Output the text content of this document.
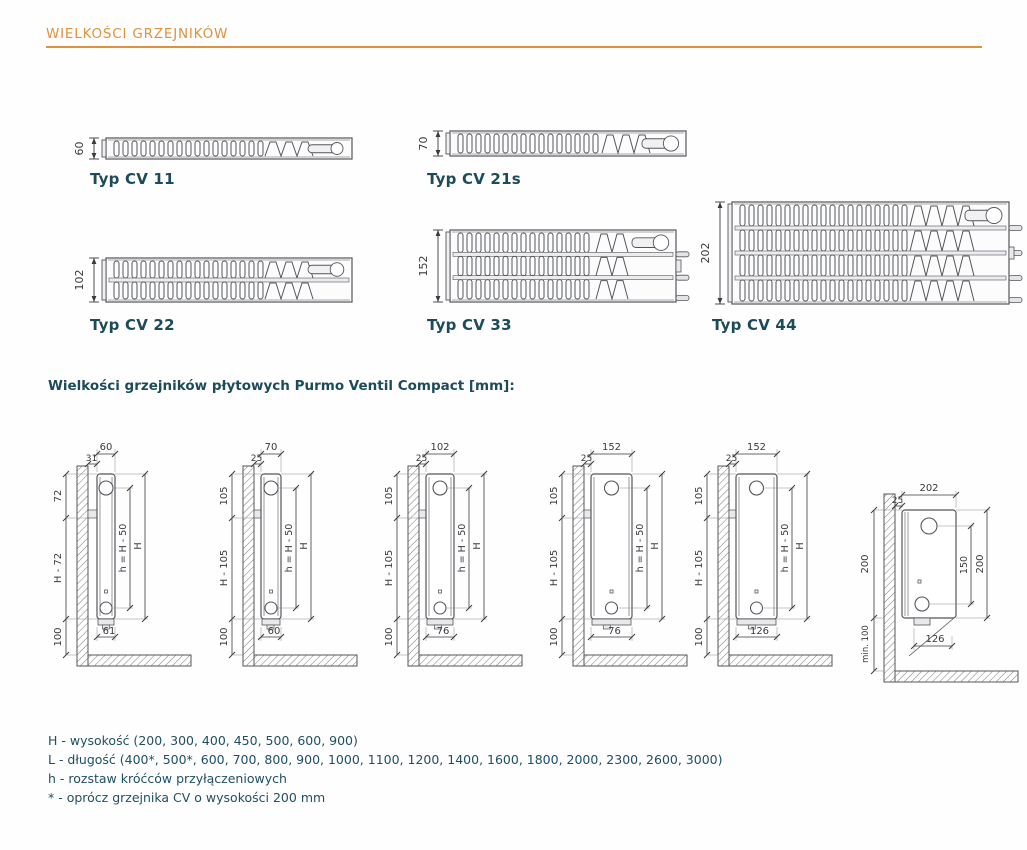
WIELKOŚCI GRZEJNIKÓW
60	70
102
152
202
Typ CV 11	Typ CV 21s
Typ CV 22	Typ CV 33	Typ CV 44
Wielkości grzejników płytowych Purmo Ventil Compact [mm]:
60
31
72
H - 72
100
h = H - 50 H
61
70
25
105
H - 105
100
h = H - 50 H
60
102
25
105
H - 105
100
h = H - 50 H
76
152
25
105
H - 105
100
h = H - 50 H
76
152
25
105
H - 105
100
h = H - 50 H
126
202
25
150 200
200
min. 100	126
H - wysokość (200, 300, 400, 450, 500, 600, 900)
L - długość (400*, 500*, 600, 700, 800, 900, 1000, 1100, 1200, 1400, 1600, 1800, 2000, 2300, 2600, 3000)
h - rozstaw króćców przyłączeniowych
* - oprócz grzejnika CV o wysokości 200 mm
